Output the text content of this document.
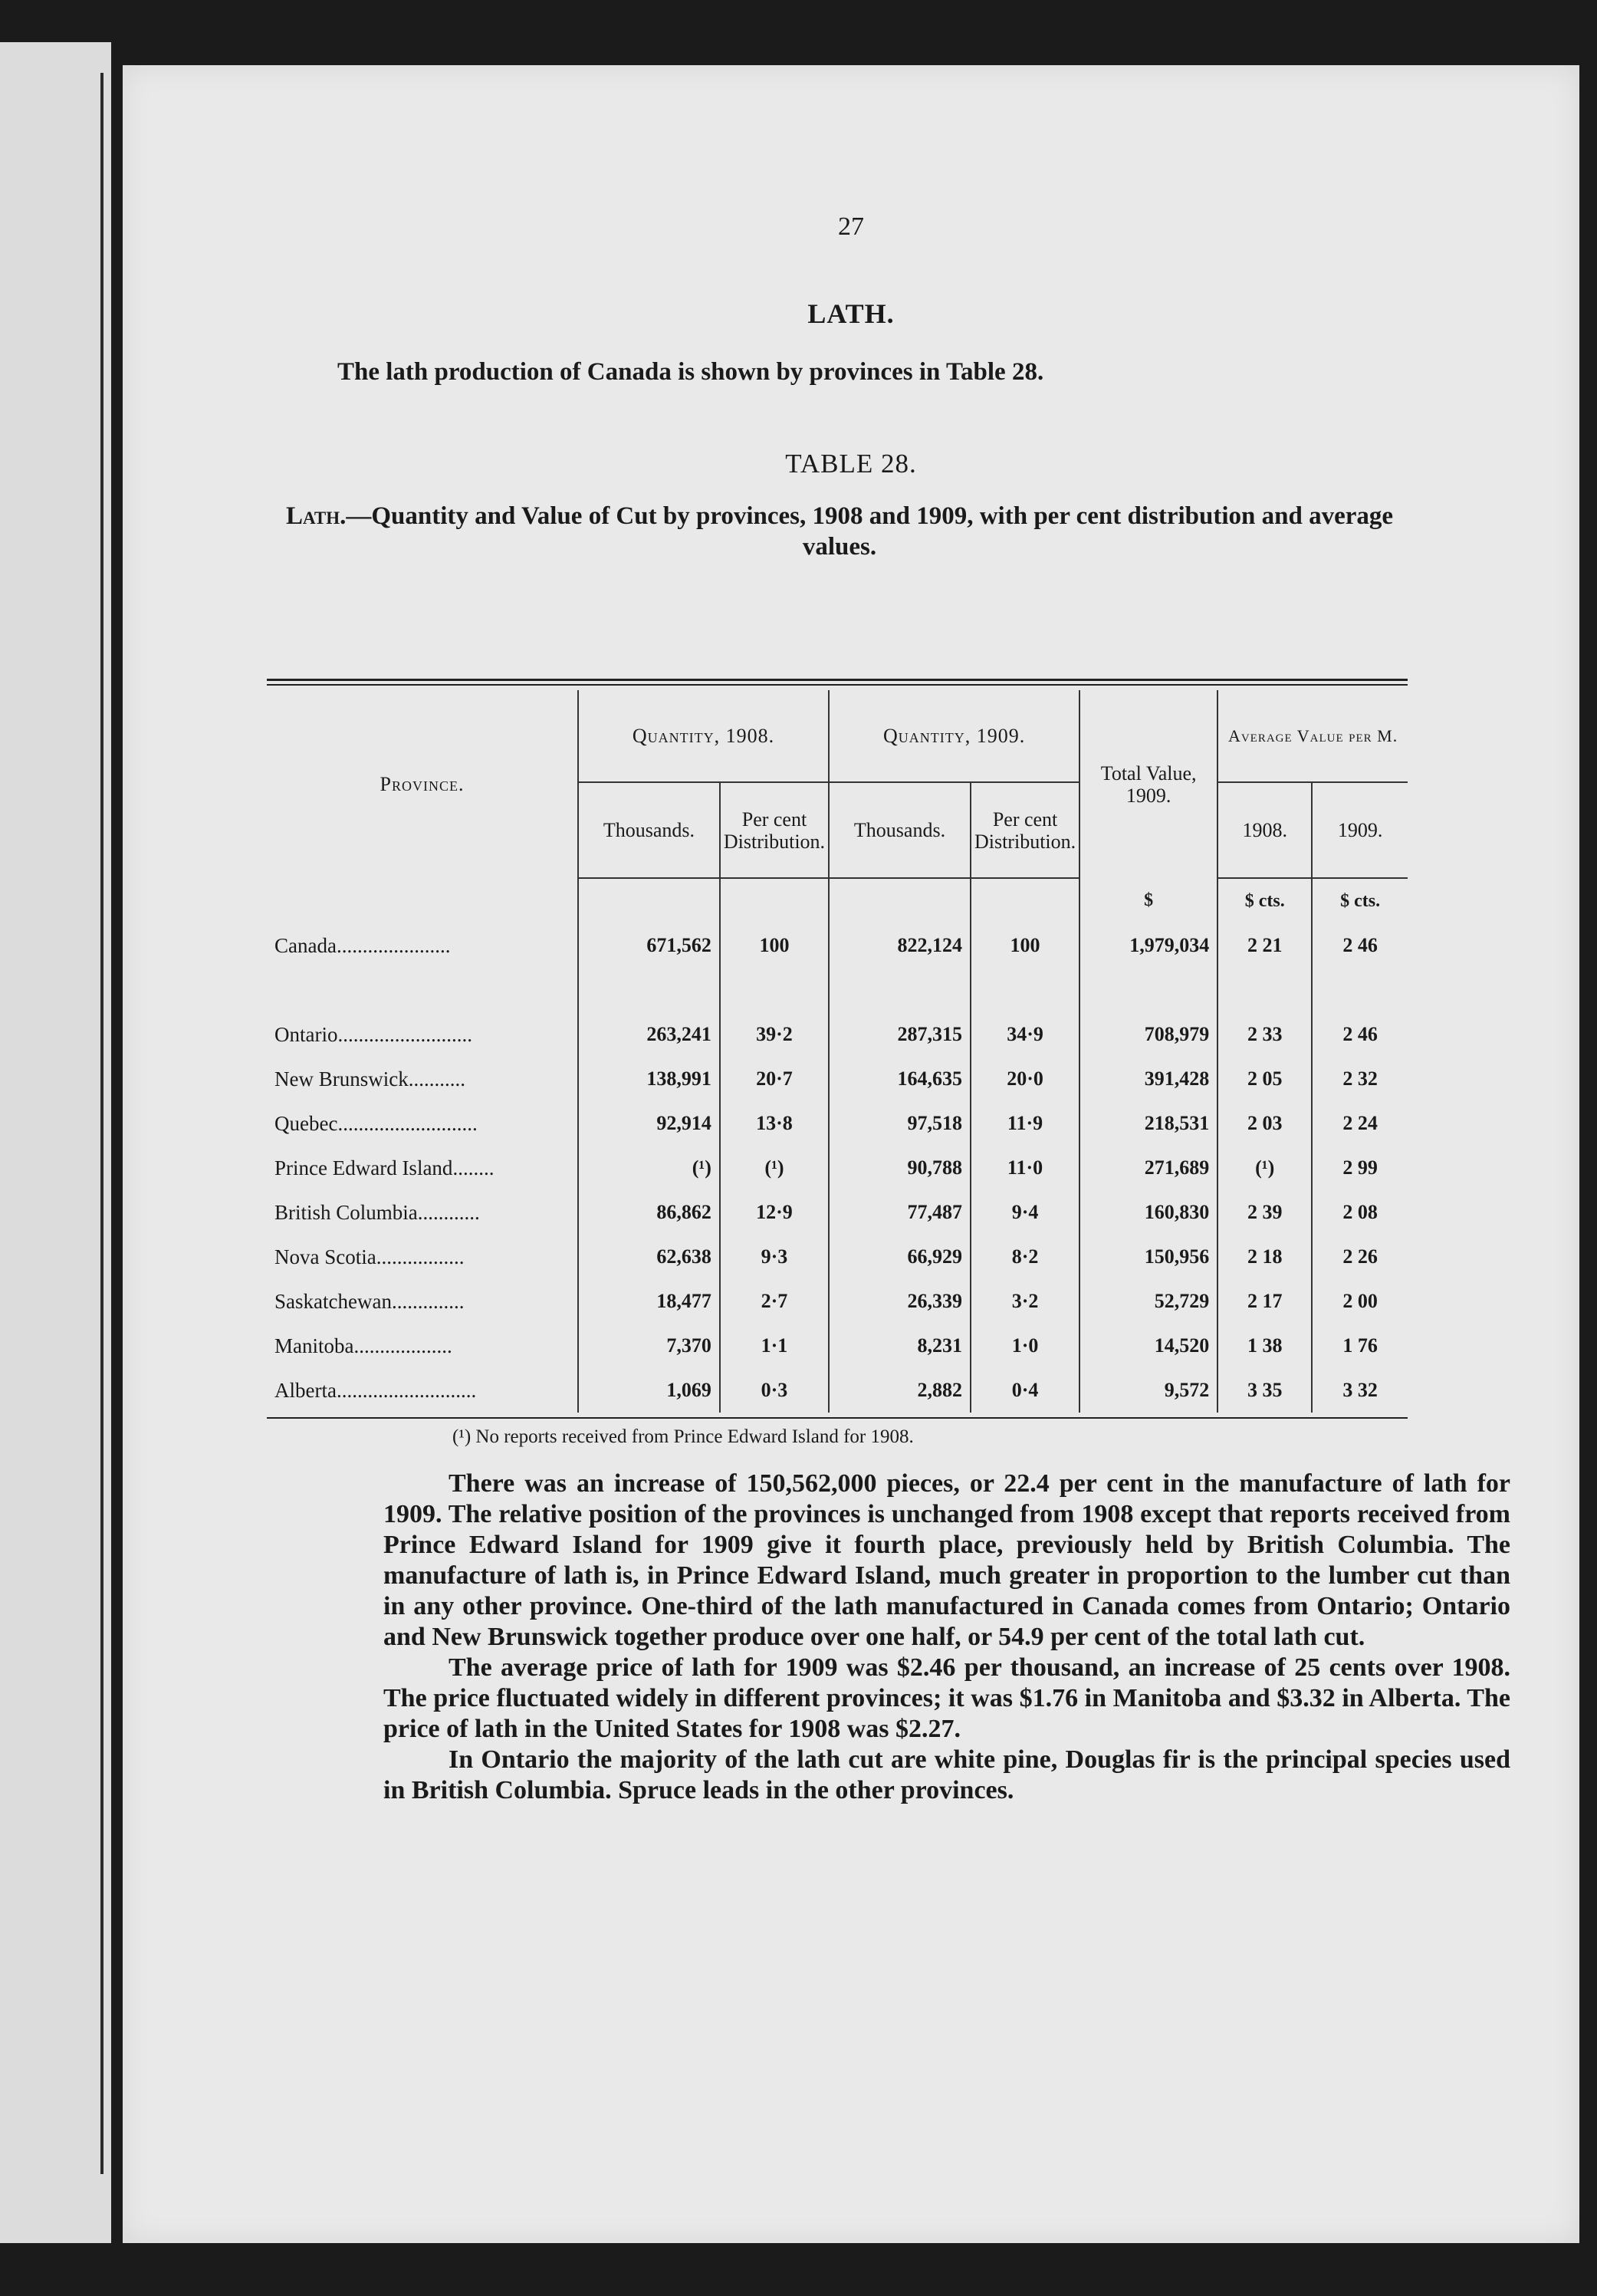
27
LATH.
The lath production of Canada is shown by provinces in Table 28.
TABLE 28.
Lath.—Quantity and Value of Cut by provinces, 1908 and 1909, with per cent distribution and average values.
Province.	Quantity, 1908.		Quantity, 1909.		Total Value, 1909.	Average Value per M.	
	Thousands.	Per cent Distribution.	Thousands.	Per cent Distribution.		1908.	1909.
					$	$ cts.	$ cts.
Canada......................	671,562	100	822,124	100	1,979,034	2 21	2 46

Ontario..........................	263,241	39·2	287,315	34·9	708,979	2 33	2 46
New Brunswick...........	138,991	20·7	164,635	20·0	391,428	2 05	2 32
Quebec...........................	92,914	13·8	97,518	11·9	218,531	2 03	2 24
Prince Edward Island........	(¹)	(¹)	90,788	11·0	271,689	(¹)	2 99
British Columbia............	86,862	12·9	77,487	9·4	160,830	2 39	2 08
Nova Scotia.................	62,638	9·3	66,929	8·2	150,956	2 18	2 26
Saskatchewan..............	18,477	2·7	26,339	3·2	52,729	2 17	2 00
Manitoba...................	7,370	1·1	8,231	1·0	14,520	1 38	1 76
Alberta...........................	1,069	0·3	2,882	0·4	9,572	3 35	3 32
(¹) No reports received from Prince Edward Island for 1908.

There was an increase of 150,562,000 pieces, or 22.4 per cent in the manufacture of lath for 1909. The relative position of the provinces is unchanged from 1908 except that reports received from Prince Edward Island for 1909 give it fourth place, previously held by British Columbia. The manufacture of lath is, in Prince Edward Island, much greater in proportion to the lumber cut than in any other province. One-third of the lath manufactured in Canada comes from Ontario; Ontario and New Brunswick together produce over one half, or 54.9 per cent of the total lath cut.

The average price of lath for 1909 was $2.46 per thousand, an increase of 25 cents over 1908. The price fluctuated widely in different provinces; it was $1.76 in Manitoba and $3.32 in Alberta. The price of lath in the United States for 1908 was $2.27.

In Ontario the majority of the lath cut are white pine, Douglas fir is the principal species used in British Columbia. Spruce leads in the other provinces.
